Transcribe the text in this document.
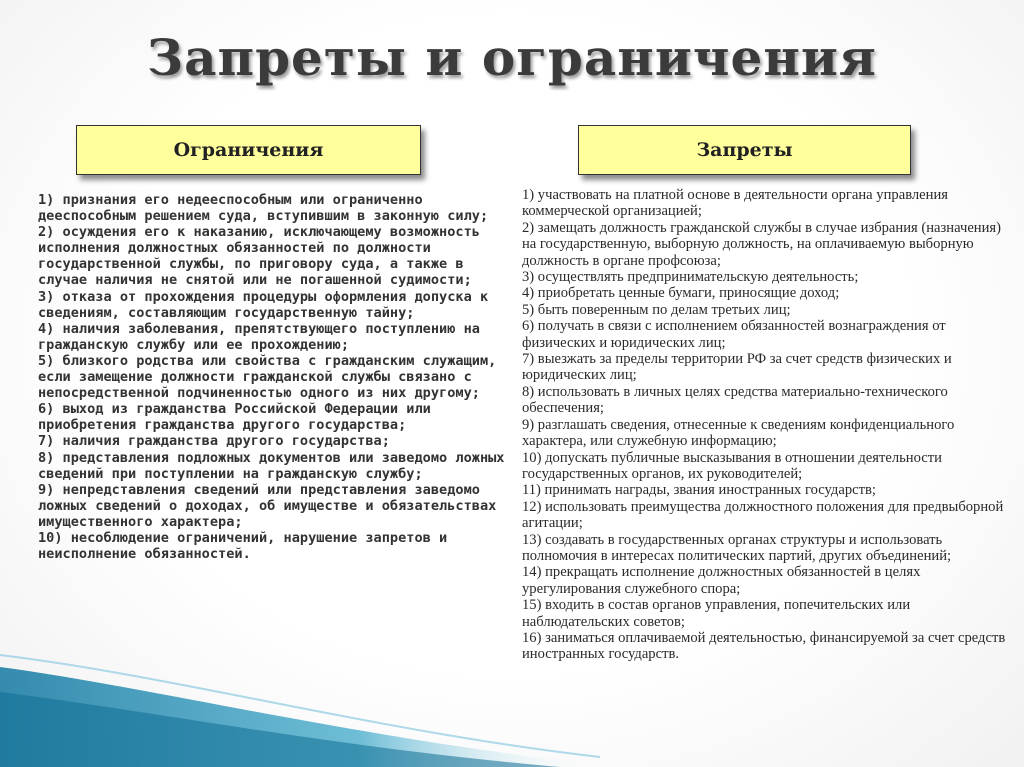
Запреты и ограничения
Ограничения	Запреты
1) признания его недееспособным или ограниченно дееспособным решением суда, вступившим в законную силу;
2) осуждения его к наказанию, исключающему возможность исполнения должностных обязанностей по должности государственной службы, по приговору суда, а также в случае наличия не снятой или не погашенной судимости;
3) отказа от прохождения процедуры оформления допуска к сведениям, составляющим государственную тайну;
4) наличия заболевания, препятствующего поступлению на гражданскую службу или ее прохождению;
5) близкого родства или свойства с гражданским служащим, если замещение должности гражданской службы связано с непосредственной подчиненностью одного из них другому;
6) выход из гражданства Российской Федерации или приобретения гражданства другого государства;
7) наличия гражданства другого государства;
8) представления подложных документов или заведомо ложных сведений при поступлении на гражданскую службу;
9) непредставления сведений или представления заведомо ложных сведений о доходах, об имуществе и обязательствах имущественного характера;
10) несоблюдение ограничений, нарушение запретов и неисполнение обязанностей.
1) участвовать на платной основе в деятельности органа управления коммерческой организацией;
2) замещать должность гражданской службы в случае избрания (назначения) на государственную, выборную должность, на оплачиваемую выборную должность в органе профсоюза;
3) осуществлять предпринимательскую деятельность;
4) приобретать ценные бумаги, приносящие доход;
5) быть поверенным по делам третьих лиц;
6) получать в связи с исполнением обязанностей вознаграждения от физических и юридических лиц;
7) выезжать за пределы территории РФ за счет средств физических и юридических лиц;
8) использовать в личных целях средства материально-технического обеспечения;
9) разглашать сведения, отнесенные к сведениям конфиденциального характера, или служебную информацию;
10) допускать публичные высказывания в отношении деятельности государственных органов, их руководителей;
11) принимать награды, звания иностранных государств;
12) использовать преимущества должностного положения для предвыборной агитации;
13) создавать в государственных органах структуры и использовать полномочия в интересах политических партий, других объединений;
14) прекращать исполнение должностных обязанностей в целях урегулирования служебного спора;
15) входить в состав органов управления, попечительских или наблюдательских советов;
16) заниматься оплачиваемой деятельностью, финансируемой за счет средств иностранных государств.
